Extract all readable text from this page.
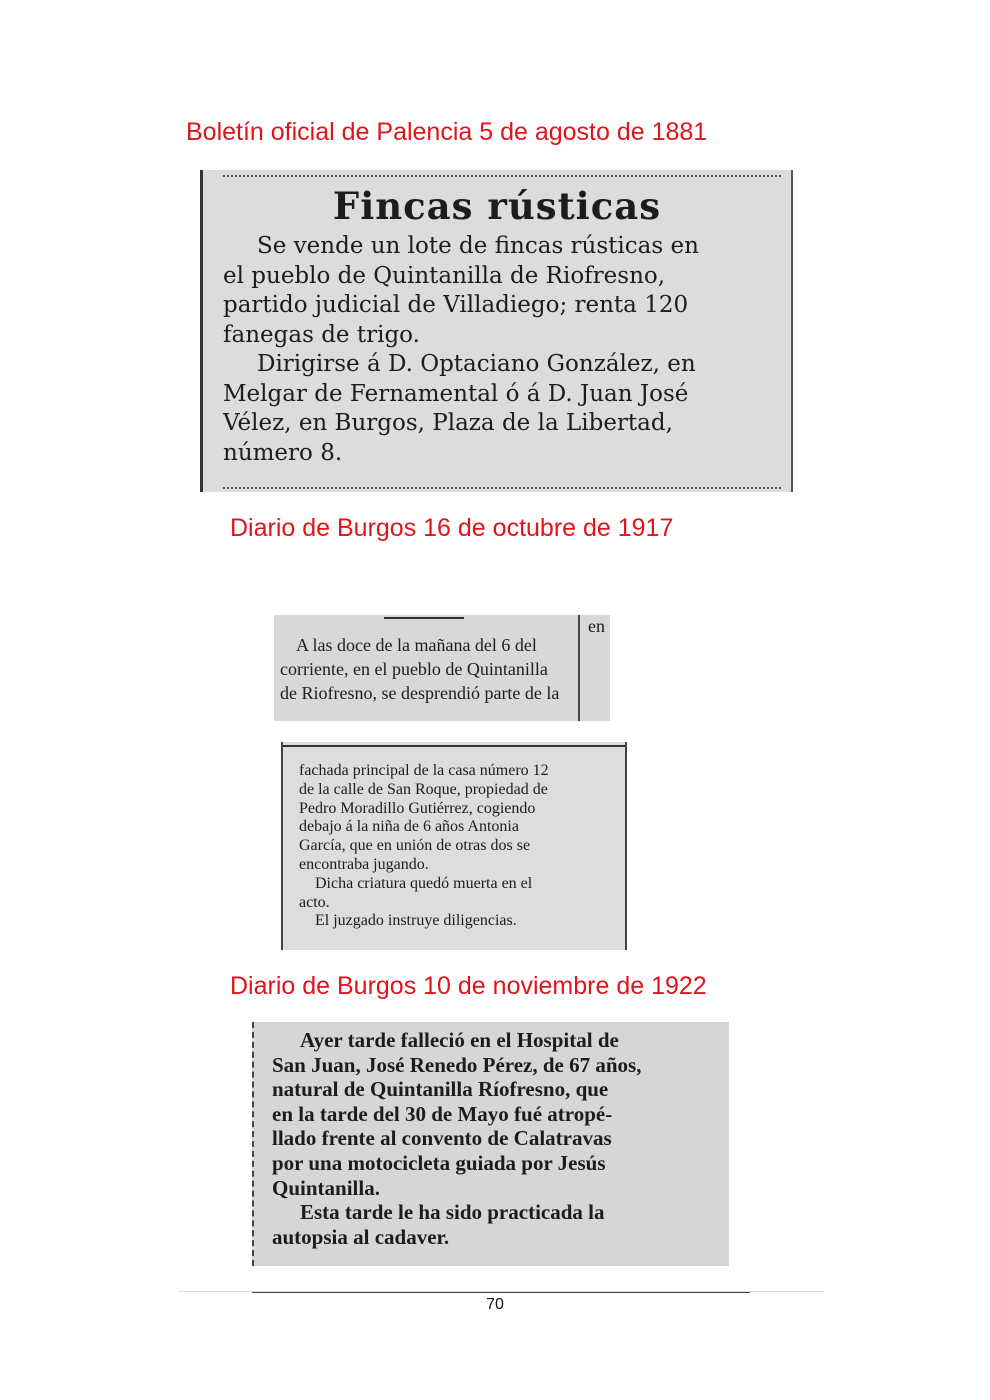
Boletín oficial de Palencia 5 de agosto de 1881
Fincas rústicas
Se vende un lote de fincas rústicas en
el pueblo de Quintanilla de Riofresno,
partido judicial de Villadiego; renta 120
fanegas de trigo.
Dirigirse á D. Optaciano González, en
Melgar de Fernamental ó á D. Juan José
Vélez, en Burgos, Plaza de la Libertad,
número 8.
Diario de Burgos 16 de octubre de 1917
en
A las doce de la mañana del 6 del
corriente, en el pueblo de Quintanilla
de Riofresno, se desprendió parte de la
fachada principal de la casa número 12
de la calle de San Roque, propiedad de
Pedro Moradillo Gutiérrez, cogiendo
debajo á la niña de 6 años Antonia
García, que en unión de otras dos se
encontraba jugando.
Dicha criatura quedó muerta en el
acto.
El juzgado instruye diligencias.
Diario de Burgos 10 de noviembre de 1922
Ayer tarde falleció en el Hospital de
San Juan, José Renedo Pérez, de 67 años,
natural de Quintanilla Ríofresno, que
en la tarde del 30 de Mayo fué atropé-
llado frente al convento de Calatravas
por una motocicleta guiada por Jesús
Quintanilla.
Esta tarde le ha sido practicada la
autopsia al cadaver.
70
